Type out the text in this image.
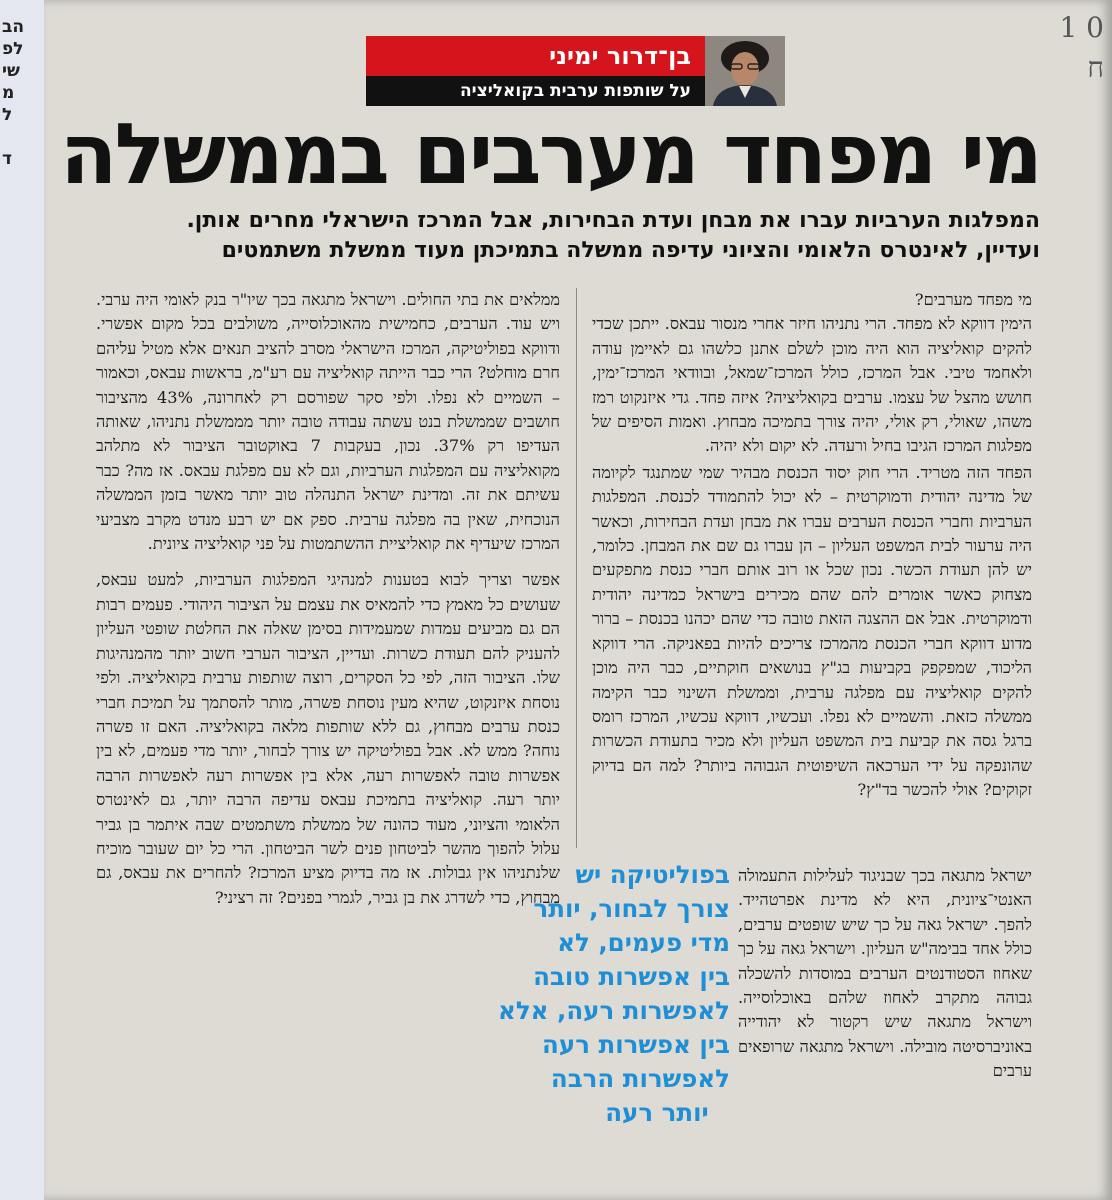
הב
לפ
שי
מ
ל

ד
1 0
ח
בן־דרור ימיני
על שותפות ערבית בקואליציה
מי מפחד מערבים בממשלה

המפלגות הערביות עברו את מבחן ועדת הבחירות, אבל המרכז הישראלי מחרים אותן.

ועדיין, לאינטרס הלאומי והציוני עדיפה ממשלה בתמיכתן מעוד ממשלת משתמטים

מי מפחד מערבים?

הימין דווקא לא מפחד. הרי נתניהו חיזר אחרי מנסור עבאס. ייתכן שכדי להקים קואליציה הוא היה מוכן לשלם אתנן כלשהו גם לאיימן עודה ולאחמד טיבי. אבל המרכז, כולל המרכז־שמאל, ובוודאי המרכז־ימין, חושש מהצל של עצמו. ערבים בקואליציה? איזה פחד. גדי איזנקוט רמז משהו, שאולי, רק אולי, יהיה צורך בתמיכה מבחוץ. ואמות הסיפים של מפלגות המרכז הגיבו בחיל ורעדה. לא יקום ולא יהיה.

הפחד הזה מטריד. הרי חוק יסוד הכנסת מבהיר שמי שמתנגד לקיומה של מדינה יהודית ודמוקרטית – לא יכול להתמודד לכנסת. המפלגות הערביות וחברי הכנסת הערבים עברו את מבחן ועדת הבחירות, וכאשר היה ערעור לבית המשפט העליון – הן עברו גם שם את המבחן. כלומר, יש להן תעודת הכשר. נכון שכל או רוב אותם חברי כנסת מתפקעים מצחוק כאשר אומרים להם שהם מכירים בישראל כמדינה יהודית ודמוקרטית. אבל אם ההצגה הזאת טובה כדי שהם יכהנו בכנסת – ברור מדוע דווקא חברי הכנסת מהמרכז צריכים להיות בפאניקה. הרי דווקא הליכוד, שמפקפק בקביעות בג"ץ בנושאים חוקתיים, כבר היה מוכן להקים קואליציה עם מפלגה ערבית, וממשלת השינוי כבר הקימה ממשלה כזאת. והשמיים לא נפלו. ועכשיו, דווקא עכשיו, המרכז רומס ברגל גסה את קביעת בית המשפט העליון ולא מכיר בתעודת הכשרות שהונפקה על ידי הערכאה השיפוטית הגבוהה ביותר? למה הם בדיוק זקוקים? אולי להכשר בד"ץ?

ישראל מתגאה בכך שבניגוד לעלילות התעמולה האנטי־ציונית, היא לא מדינת אפרטהייד. להפך. ישראל גאה על כך שיש שופטים ערבים, כולל אחד בבימה"ש העליון. וישראל גאה על כך שאחוז הסטודנטים הערבים במוסדות להשכלה גבוהה מתקרב לאחוז שלהם באוכלוסייה. וישראל מתגאה שיש רקטור לא יהודייה באוניברסיטה מובילה. וישראל מתגאה שרופאים ערבים

ממלאים את בתי החולים. וישראל מתגאה בכך שיו"ר בנק לאומי היה ערבי. ויש עוד. הערבים, כחמישית מהאוכלוסייה, משולבים בכל מקום אפשרי. ודווקא בפוליטיקה, המרכז הישראלי מסרב להציב תנאים אלא מטיל עליהם חרם מוחלט? הרי כבר הייתה קואליציה עם רע"מ, בראשות עבאס, וכאמור – השמיים לא נפלו. ולפי סקר שפורסם רק לאחרונה, 43% מהציבור חושבים שממשלת בנט עשתה עבודה טובה יותר מממשלת נתניהו, שאותה העדיפו רק 37%. נכון, בעקבות 7 באוקטובר הציבור לא מתלהב מקואליציה עם המפלגות הערביות, וגם לא עם מפלגת עבאס. אז מה? כבר עשיתם את זה. ומדינת ישראל התנהלה טוב יותר מאשר בזמן הממשלה הנוכחית, שאין בה מפלגה ערבית. ספק אם יש רבע מנדט מקרב מצביעי המרכז שיעדיף את קואליציית ההשתמטות על פני קואליציה ציונית.

אפשר וצריך לבוא בטענות למנהיגי המפלגות הערביות, למעט עבאס, שעושים כל מאמץ כדי להמאיס את עצמם על הציבור היהודי. פעמים רבות הם גם מביעים עמדות שמעמידות בסימן שאלה את החלטת שופטי העליון להעניק להם תעודת כשרות. ועדיין, הציבור הערבי חשוב יותר מהמנהיגות שלו. הציבור הזה, לפי כל הסקרים, רוצה שותפות ערבית בקואליציה. ולפי נוסחת איזנקוט, שהיא מעין נוסחת פשרה, מותר להסתמך על תמיכת חברי כנסת ערבים מבחוץ, גם ללא שותפות מלאה בקואליציה. האם זו פשרה נוחה? ממש לא. אבל בפוליטיקה יש צורך לבחור, יותר מדי פעמים, לא בין אפשרות טובה לאפשרות רעה, אלא בין אפשרות רעה לאפשרות הרבה יותר רעה. קואליציה בתמיכת עבאס עדיפה הרבה יותר, גם לאינטרס הלאומי והציוני, מעוד כהונה של ממשלת משתמטים שבה איתמר בן גביר עלול להפוך מהשר לביטחון פנים לשר הביטחון. הרי כל יום שעובר מוכיח שלנתניהו אין גבולות. אז מה בדיוק מציע המרכז? להחרים את עבאס, גם מבחוץ, כדי לשדרג את בן גביר, לגמרי בפנים? זה רציני?

בפוליטיקה יש

צורך לבחור, יותר

מדי פעמים, לא

בין אפשרות טובה

לאפשרות רעה, אלא

בין אפשרות רעה

לאפשרות הרבה

יותר רעה
